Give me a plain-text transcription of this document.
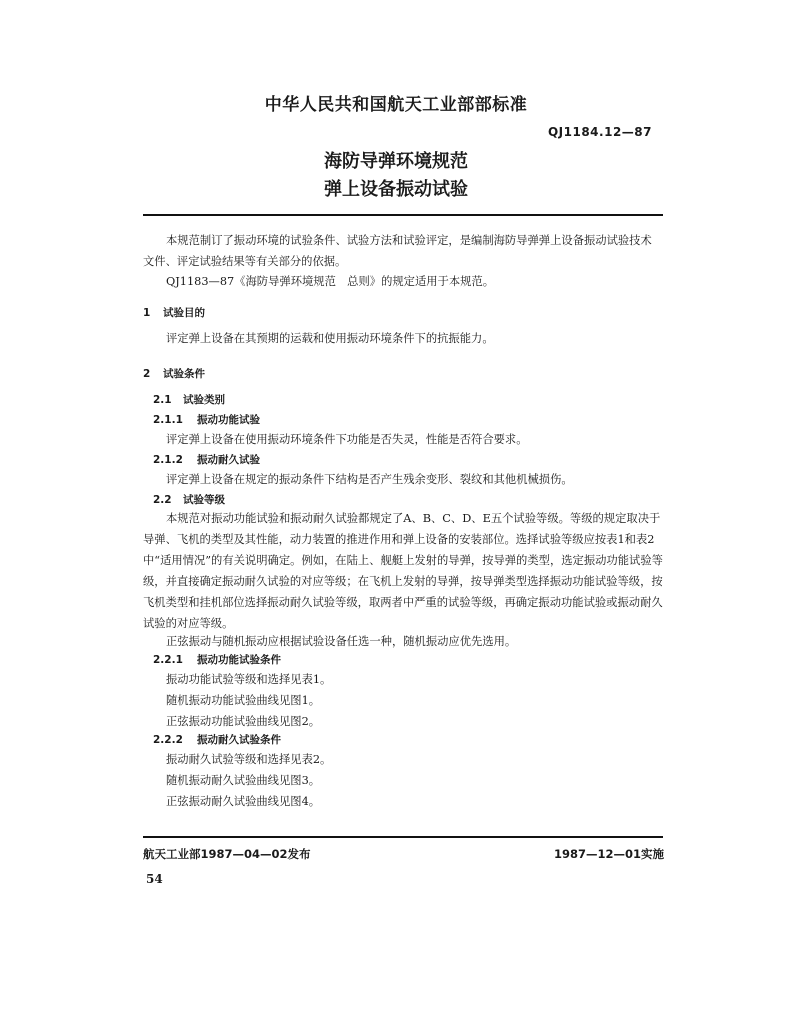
中华人民共和国航天工业部部标准
QJ1184.12—87
海防导弹环境规范
弹上设备振动试验
本规范制订了振动环境的试验条件、试验方法和试验评定，是编制海防导弹弹上设备振动试验技术文件、评定试验结果等有关部分的依据。
QJ1183—87《海防导弹环境规范　总则》的规定适用于本规范。
1 试验目的
评定弹上设备在其预期的运载和使用振动环境条件下的抗振能力。
2 试验条件
2.1 试验类别
2.1.1 振动功能试验
评定弹上设备在使用振动环境条件下功能是否失灵，性能是否符合要求。
2.1.2 振动耐久试验
评定弹上设备在规定的振动条件下结构是否产生残余变形、裂纹和其他机械损伤。
2.2 试验等级
本规范对振动功能试验和振动耐久试验都规定了A、B、C、D、E五个试验等级。等级的规定取决于导弹、飞机的类型及其性能，动力装置的推进作用和弹上设备的安装部位。选择试验等级应按表1和表2中“适用情况”的有关说明确定。例如，在陆上、舰艇上发射的导弹，按导弹的类型，选定振动功能试验等级，并直接确定振动耐久试验的对应等级；在飞机上发射的导弹，按导弹类型选择振动功能试验等级，按飞机类型和挂机部位选择振动耐久试验等级，取两者中严重的试验等级，再确定振动功能试验或振动耐久试验的对应等级。
正弦振动与随机振动应根据试验设备任选一种，随机振动应优先选用。
2.2.1 振动功能试验条件
振动功能试验等级和选择见表1。
随机振动功能试验曲线见图1。
正弦振动功能试验曲线见图2。
2.2.2 振动耐久试验条件
振动耐久试验等级和选择见表2。
随机振动耐久试验曲线见图3。
正弦振动耐久试验曲线见图4。
航天工业部1987—04—02发布	1987—12—01实施
54
